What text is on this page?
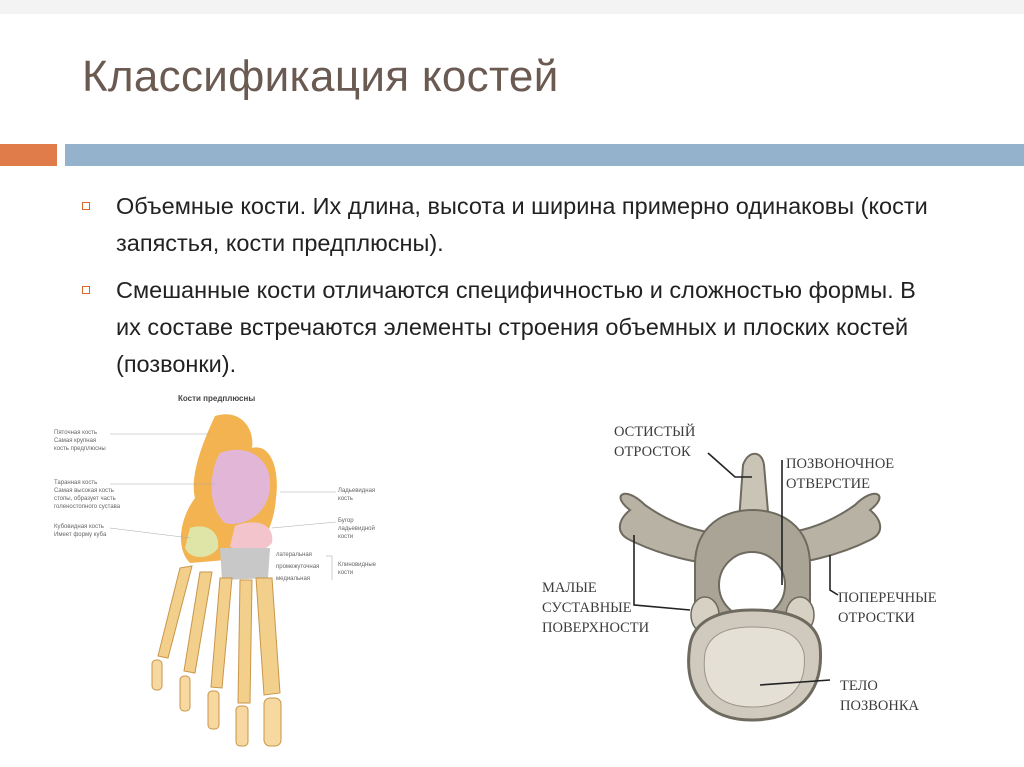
Классификация костей
Объемные кости. Их длина, высота и ширина примерно одинаковы (кости запястья, кости предплюсны).
Смешанные кости отличаются специфичностью и сложностью формы. В их составе встречаются элементы строения объемных и плоских костей (позвонки).
Кости предплюсны
Пяточная кость
Самая крупная
кость предплюсны
Таранная кость
Самая высокая кость
стопы, образует часть
голеностопного сустава
Кубовидная кость
Имеет форму кубa
Ладьевидная
кость
Бугор
ладьевидной
кости
латеральная
промежуточная
медиальная
Клиновидные
кости
ОСТИСТЫЙ
ОТРОСТОК
ПОЗВОНОЧНОЕ
ОТВЕРСТИЕ
МАЛЫЕ
СУСТАВНЫЕ
ПОВЕРХНОСТИ
ПОПЕРЕЧНЫЕ
ОТРОСТКИ
ТЕЛО
ПОЗВОНКА
